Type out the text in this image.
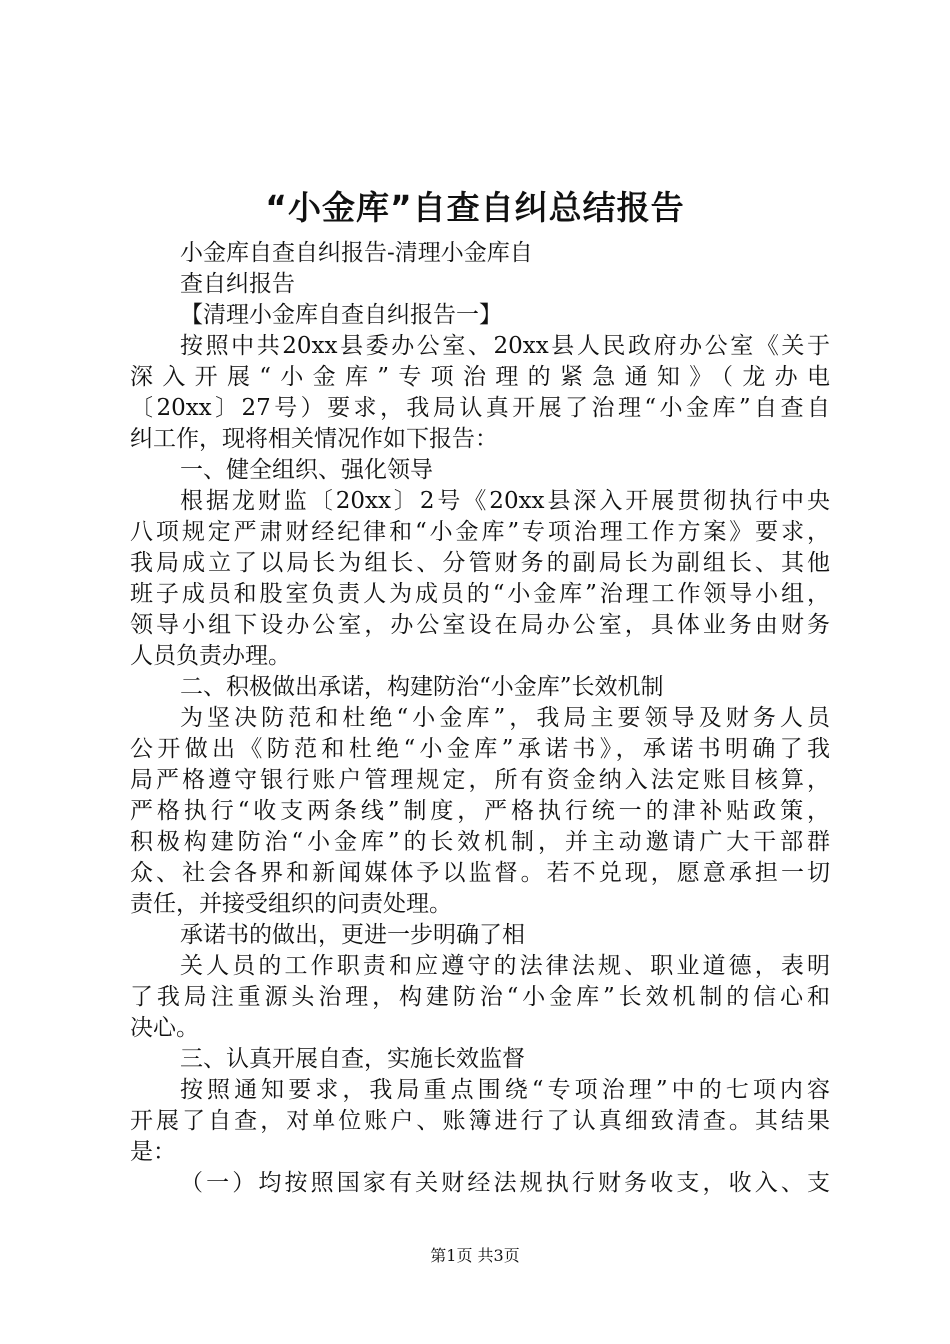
“小金库”自查自纠总结报告
小金库自查自纠报告-清理小金库自
查自纠报告
【清理小金库自查自纠报告一】
按照中共20xx县委办公室、20xx县人民政府办公室《关于
深入开展“小金库”专项治理的紧急通知》（龙办电
〔20xx〕27号）要求，我局认真开展了治理“小金库”自查自
纠工作，现将相关情况作如下报告：
一、健全组织、强化领导
根据龙财监〔20xx〕2号《20xx县深入开展贯彻执行中央
八项规定严肃财经纪律和“小金库”专项治理工作方案》要求，
我局成立了以局长为组长、分管财务的副局长为副组长、其他
班子成员和股室负责人为成员的“小金库”治理工作领导小组，
领导小组下设办公室，办公室设在局办公室，具体业务由财务
人员负责办理。
二、积极做出承诺，构建防治“小金库”长效机制
为坚决防范和杜绝“小金库”，我局主要领导及财务人员
公开做出《防范和杜绝“小金库”承诺书》，承诺书明确了我
局严格遵守银行账户管理规定，所有资金纳入法定账目核算，
严格执行“收支两条线”制度，严格执行统一的津补贴政策，
积极构建防治“小金库”的长效机制，并主动邀请广大干部群
众、社会各界和新闻媒体予以监督。若不兑现，愿意承担一切
责任，并接受组织的问责处理。
承诺书的做出，更进一步明确了相
关人员的工作职责和应遵守的法律法规、职业道德，表明
了我局注重源头治理，构建防治“小金库”长效机制的信心和
决心。
三、认真开展自查，实施长效监督
按照通知要求，我局重点围绕“专项治理”中的七项内容
开展了自查，对单位账户、账簿进行了认真细致清查。其结果
是：
（一）均按照国家有关财经法规执行财务收支，收入、支
第1页 共3页
